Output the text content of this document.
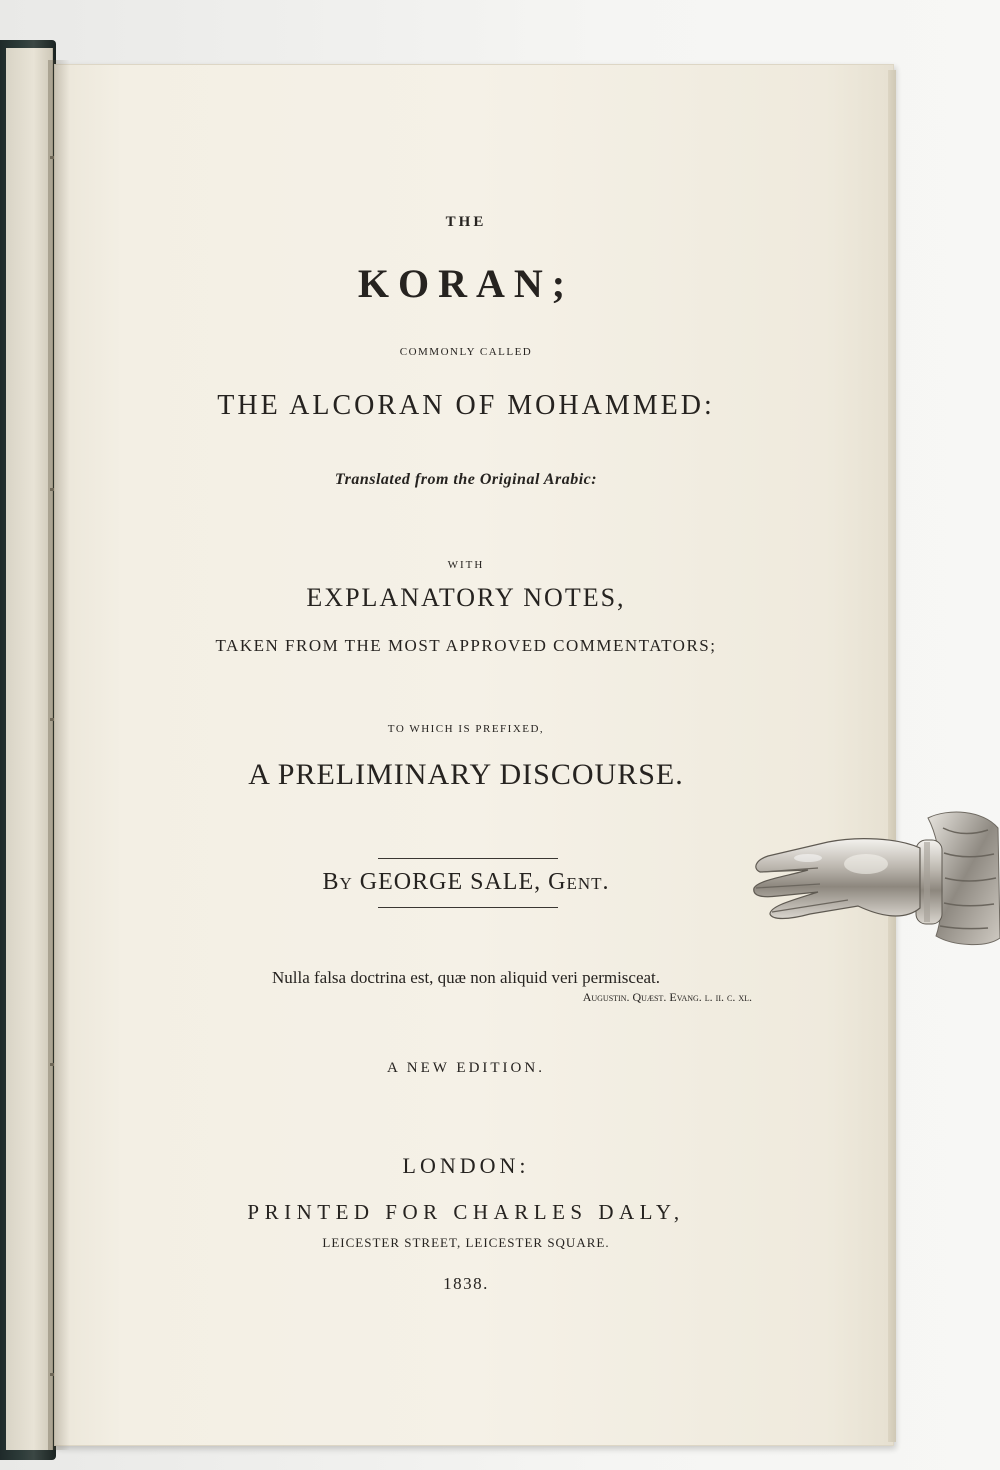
THE
KORAN;
COMMONLY CALLED
THE ALCORAN OF MOHAMMED:
Translated from the Original Arabic:
WITH
EXPLANATORY NOTES,
TAKEN FROM THE MOST APPROVED COMMENTATORS;
TO WHICH IS PREFIXED,
A PRELIMINARY DISCOURSE.
By GEORGE SALE, Gent.
Nulla falsa doctrina est, quæ non aliquid veri permisceat.
Augustin. Quæst. Evang. l. ii. c. xl.
A NEW EDITION.
LONDON:
PRINTED FOR CHARLES DALY,
LEICESTER STREET, LEICESTER SQUARE.
1838.
